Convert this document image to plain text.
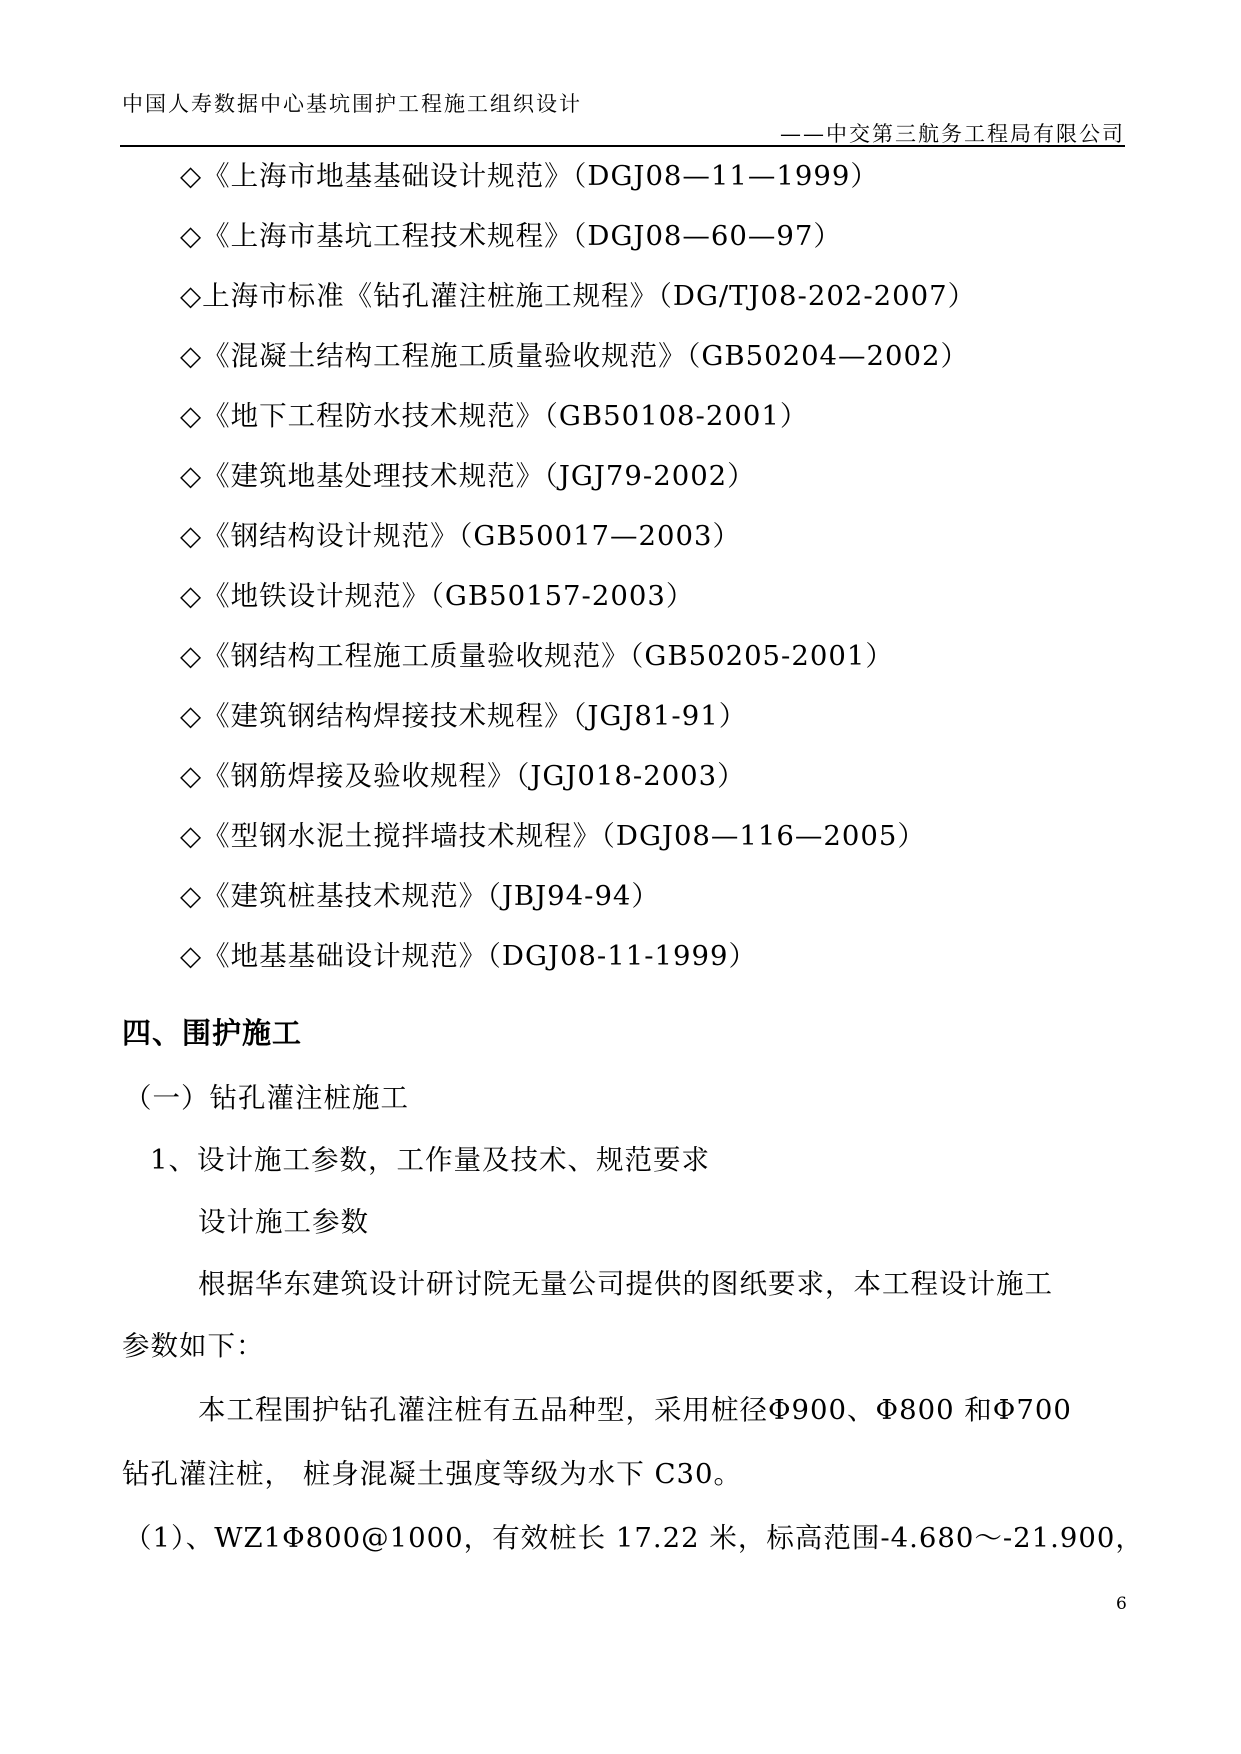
中国人寿数据中心基坑围护工程施工组织设计
——中交第三航务工程局有限公司
◇《上海市地基基础设计规范》（DGJ08—11—1999）
◇《上海市基坑工程技术规程》（DGJ08—60—97）
◇上海市标准《钻孔灌注桩施工规程》（DG/TJ08-202-2007）
◇《混凝土结构工程施工质量验收规范》（GB50204—2002）
◇《地下工程防水技术规范》（GB50108-2001）
◇《建筑地基处理技术规范》（JGJ79-2002）
◇《钢结构设计规范》（GB50017—2003）
◇《地铁设计规范》（GB50157-2003）
◇《钢结构工程施工质量验收规范》（GB50205-2001）
◇《建筑钢结构焊接技术规程》（JGJ81-91）
◇《钢筋焊接及验收规程》（JGJ018-2003）
◇《型钢水泥土搅拌墙技术规程》（DGJ08—116—2005）
◇《建筑桩基技术规范》（JBJ94-94）
◇《地基基础设计规范》（DGJ08-11-1999）
四、围护施工
（一）钻孔灌注桩施工
1、设计施工参数，工作量及技术、规范要求
设计施工参数
根据华东建筑设计研讨院无量公司提供的图纸要求，本工程设计施工
参数如下：
本工程围护钻孔灌注桩有五品种型，采用桩径Φ900、Φ800 和Φ700
钻孔灌注桩， 桩身混凝土强度等级为水下 C30。
（1）、WZ1Φ800@1000，有效桩长 17.22 米，标高范围-4.680～-21.900，
6
